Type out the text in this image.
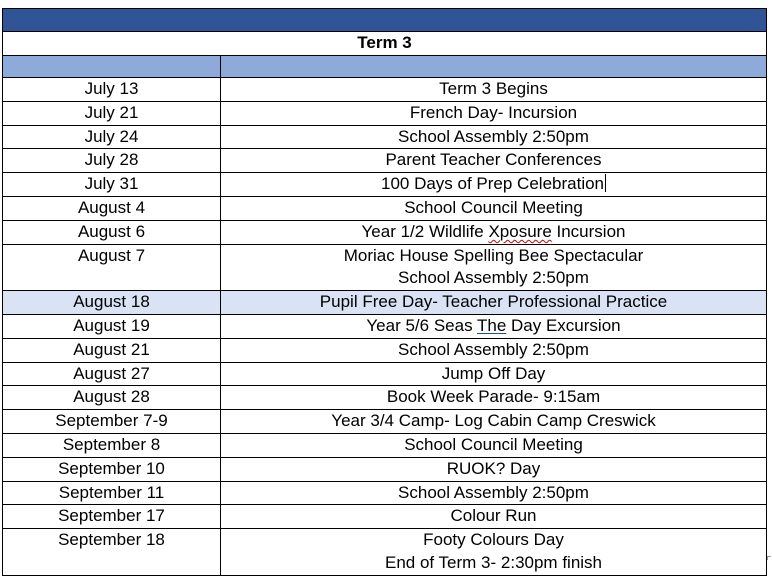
Term 3	

July 13	Term 3 Begins
July 21	French Day- Incursion
July 24	School Assembly 2:50pm
July 28	Parent Teacher Conferences
July 31	100 Days of Prep Celebration
August 4	School Council Meeting
August 6	Year 1/2 Wildlife Xposure Incursion
August 7	Moriac House Spelling Bee Spectacular
School Assembly 2:50pm

August 18	Pupil Free Day- Teacher Professional Practice
August 19	Year 5/6 Seas The Day Excursion
August 21	School Assembly 2:50pm
August 27	Jump Off Day
August 28	Book Week Parade- 9:15am
September 7-9	Year 3/4 Camp- Log Cabin Camp Creswick
September 8	School Council Meeting
September 10	RUOK? Day
September 11	School Assembly 2:50pm
September 17	Colour Run
September 18	Footy Colours Day
End of Term 3- 2:30pm finish
